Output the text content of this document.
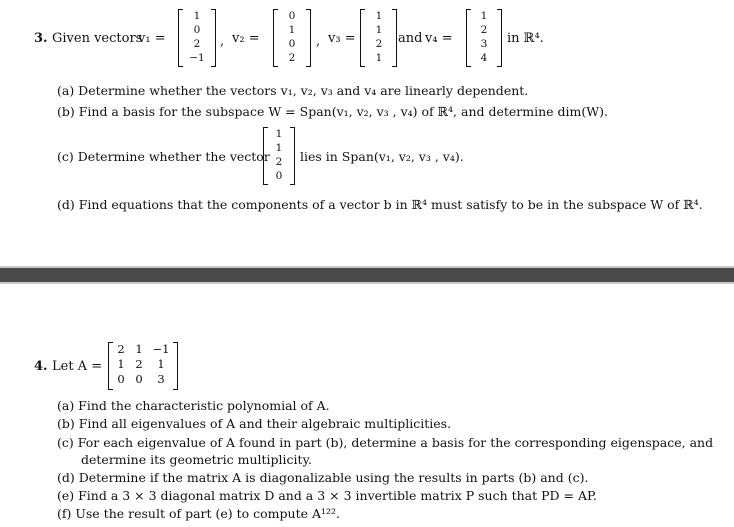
3. Given vectors
v₁ =
1
0
2
−1
, v₂ =
0
1
0
2
, v₃ =
1
1
2
1
and v₄ =
1
2
3
4
in ℝ⁴.
(a) Determine whether the vectors v₁, v₂, v₃ and v₄ are linearly dependent.
(b) Find a basis for the subspace W = Span(v₁, v₂, v₃ , v₄) of ℝ⁴, and determine dim(W).
(c) Determine whether the vector
1
1
2
0
lies in Span(v₁, v₂, v₃ , v₄).
(d) Find equations that the components of a vector b in ℝ⁴ must satisfy to be in the subspace W of ℝ⁴.
4. Let A =
2 1 −1
1 2	1
0 0	3
(a) Find the characteristic polynomial of A.
(b) Find all eigenvalues of A and their algebraic multiplicities.
(c) For each eigenvalue of A found in part (b), determine a basis for the corresponding eigenspace, and
determine its geometric multiplicity.
(d) Determine if the matrix A is diagonalizable using the results in parts (b) and (c).
(e) Find a 3 × 3 diagonal matrix D and a 3 × 3 invertible matrix P such that PD = AP.
(f) Use the result of part (e) to compute A¹²².
